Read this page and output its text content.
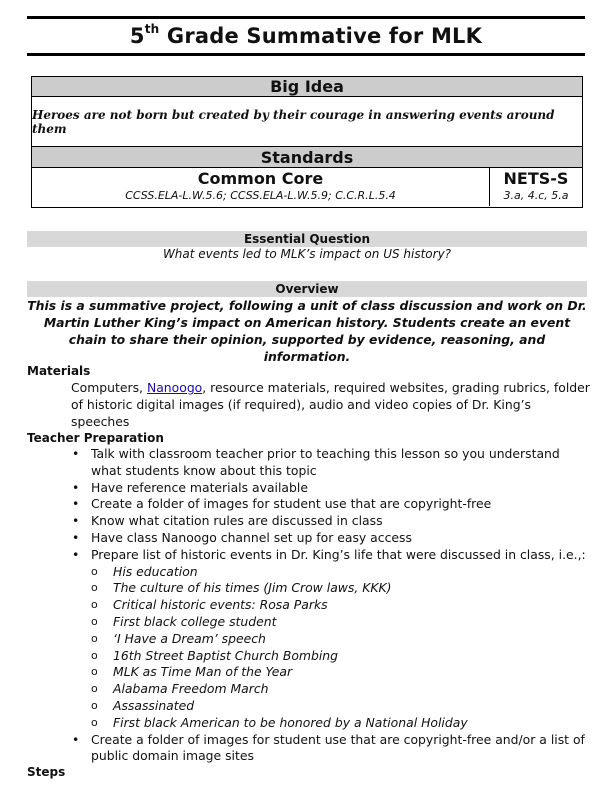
5th Grade Summative for MLK
Big Idea
Heroes are not born but created by their courage in answering events around them
Standards
Common Core
CCSS.ELA-L.W.5.6; CCSS.ELA-L.W.5.9; C.C.R.L.5.4
NETS-S
3.a, 4.c, 5.a
Essential Question
What events led to MLK’s impact on US history?
Overview
This is a summative project, following a unit of class discussion and work on Dr. Martin Luther King’s impact on American history. Students create an event chain to share their opinion, supported by evidence, reasoning, and information.
Materials
Computers, Nanoogo, resource materials, required websites, grading rubrics, folder of historic digital images (if required), audio and video copies of Dr. King’s speeches
Teacher Preparation
• Talk with classroom teacher prior to teaching this lesson so you understand what students know about this topic
• Have reference materials available
• Create a folder of images for student use that are copyright-free
• Know what citation rules are discussed in class
• Have class Nanoogo channel set up for easy access
• Prepare list of historic events in Dr. King’s life that were discussed in class, i.e.,:
o His education
o The culture of his times (Jim Crow laws, KKK)
o Critical historic events: Rosa Parks
o First black college student
o ‘I Have a Dream’ speech
o 16th Street Baptist Church Bombing
o MLK as Time Man of the Year
o Alabama Freedom March
o Assassinated
o First black American to be honored by a National Holiday
• Create a folder of images for student use that are copyright-free and/or a list of public domain image sites
Steps
